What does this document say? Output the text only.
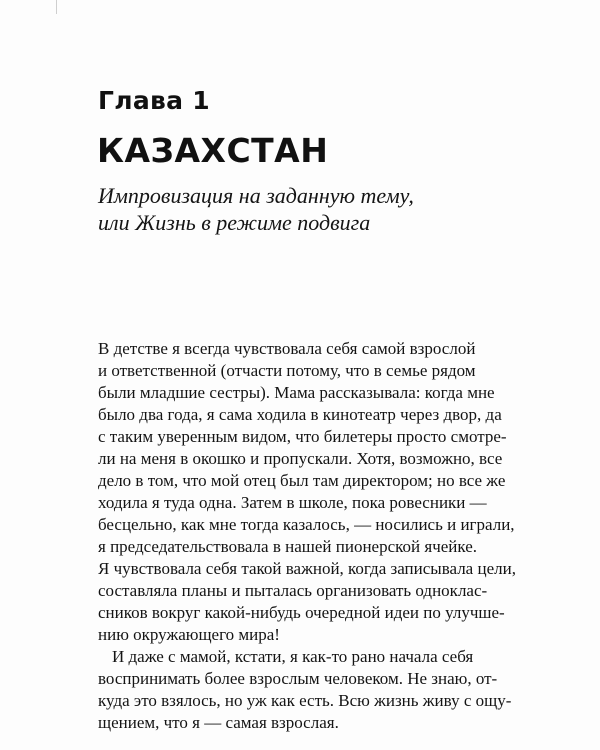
Глава 1
КАЗАХСТАН
Импровизация на заданную тему,
или Жизнь в режиме подвига
В детстве я всегда чувствовала себя самой взрослой
и ответственной (отчасти потому, что в семье рядом
были младшие сестры). Мама рассказывала: когда мне
было два года, я сама ходила в кинотеатр через двор, да
с таким уверенным видом, что билетеры просто смотре-
ли на меня в окошко и пропускали. Хотя, возможно, все
дело в том, что мой отец был там директором; но все же
ходила я туда одна. Затем в школе, пока ровесники —
бесцельно, как мне тогда казалось, — носились и играли,
я председательствовала в нашей пионерской ячейке.
Я чувствовала себя такой важной, когда записывала цели,
составляла планы и пыталась организовать одноклас-
сников вокруг какой-нибудь очередной идеи по улучше-
нию окружающего мира!
И даже с мамой, кстати, я как-то рано начала себя
воспринимать более взрослым человеком. Не знаю, от-
куда это взялось, но уж как есть. Всю жизнь живу с ощу-
щением, что я — самая взрослая.
